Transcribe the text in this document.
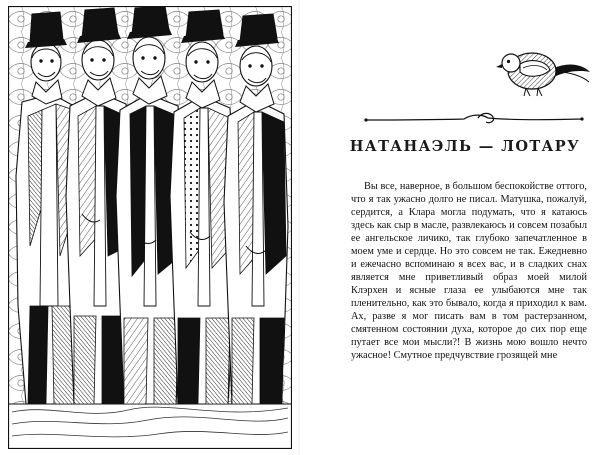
НАТАНАЭЛЬ — ЛОТАРУ

Вы все, наверное, в большом беспокойстве оттого, что я так ужасно долго не писал. Матушка, пожалуй, сердится, а Клара могла подумать, что я катаюсь здесь как сыр в масле, развлекаюсь и совсем позабыл ее ангельское личико, так глубоко запечатленное в моем уме и сердце. Но это совсем не так. Ежедневно и ежечасно вспоминаю я всех вас, и в сладких снах является мне приветливый образ моей милой Клэрхен и ясные глаза ее улыбаются мне так пленительно, как это бывало, когда я приходил к вам. Ах, разве я мог писать вам в том растерзанном, смятенном состоянии духа, которое до сих пор еще путает все мои мысли?! В жизнь мою вошло нечто ужасное! Смутное предчувствие грозящей мне
